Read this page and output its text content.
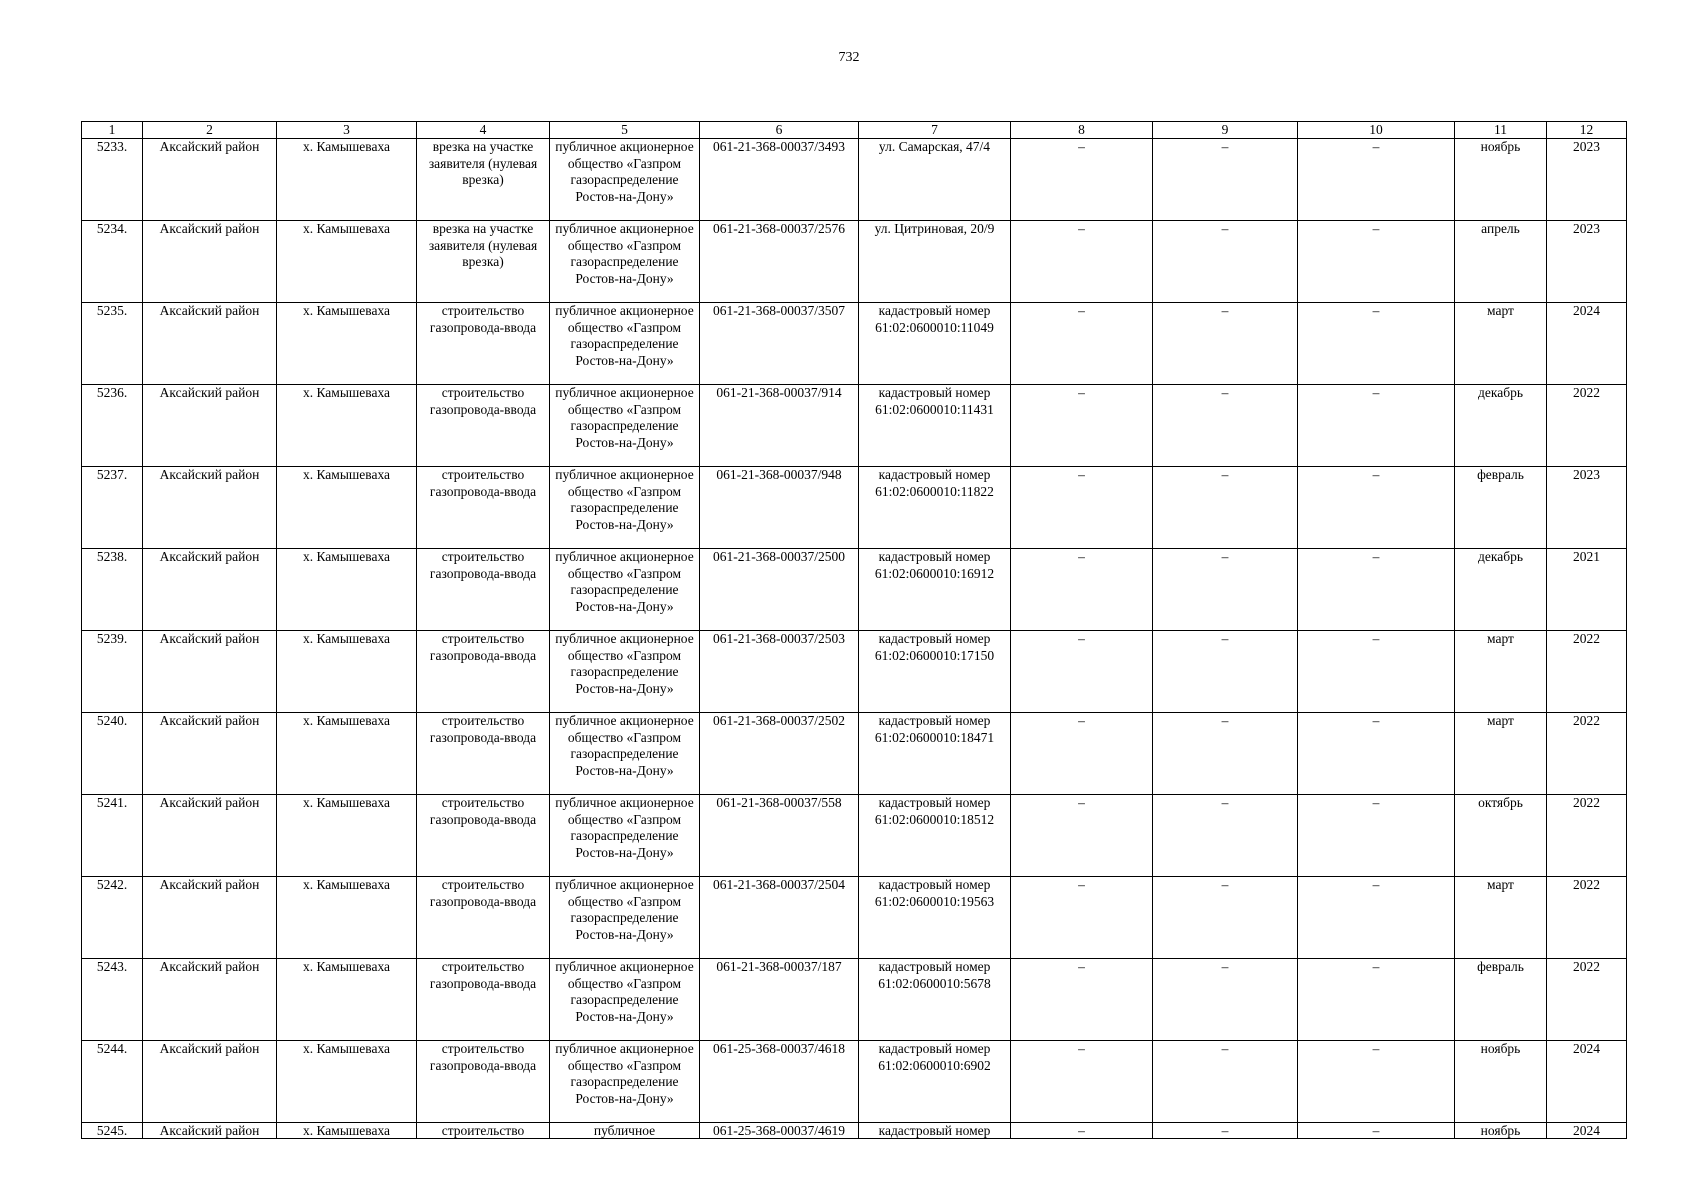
732
1	2	3	4	5	6	7	8	9	10	11	12
5233.	Аксайский район	х. Камышеваха	врезка на участке заявителя (нулевая врезка)	публичное акционерное общество «Газпром газораспределение Ростов-на-Дону»	061-21-368-00037/3493	ул. Самарская, 47/4	–	–	–	ноябрь	2023
5234.	Аксайский район	х. Камышеваха	врезка на участке заявителя (нулевая врезка)	публичное акционерное общество «Газпром газораспределение Ростов-на-Дону»	061-21-368-00037/2576	ул. Цитриновая, 20/9	–	–	–	апрель	2023
5235.	Аксайский район	х. Камышеваха	строительство газопровода-ввода	публичное акционерное общество «Газпром газораспределение Ростов-на-Дону»	061-21-368-00037/3507	кадастровый номер 61:02:0600010:11049	–	–	–	март	2024
5236.	Аксайский район	х. Камышеваха	строительство газопровода-ввода	публичное акционерное общество «Газпром газораспределение Ростов-на-Дону»	061-21-368-00037/914	кадастровый номер 61:02:0600010:11431	–	–	–	декабрь	2022
5237.	Аксайский район	х. Камышеваха	строительство газопровода-ввода	публичное акционерное общество «Газпром газораспределение Ростов-на-Дону»	061-21-368-00037/948	кадастровый номер 61:02:0600010:11822	–	–	–	февраль	2023
5238.	Аксайский район	х. Камышеваха	строительство газопровода-ввода	публичное акционерное общество «Газпром газораспределение Ростов-на-Дону»	061-21-368-00037/2500	кадастровый номер 61:02:0600010:16912	–	–	–	декабрь	2021
5239.	Аксайский район	х. Камышеваха	строительство газопровода-ввода	публичное акционерное общество «Газпром газораспределение Ростов-на-Дону»	061-21-368-00037/2503	кадастровый номер 61:02:0600010:17150	–	–	–	март	2022
5240.	Аксайский район	х. Камышеваха	строительство газопровода-ввода	публичное акционерное общество «Газпром газораспределение Ростов-на-Дону»	061-21-368-00037/2502	кадастровый номер 61:02:0600010:18471	–	–	–	март	2022
5241.	Аксайский район	х. Камышеваха	строительство газопровода-ввода	публичное акционерное общество «Газпром газораспределение Ростов-на-Дону»	061-21-368-00037/558	кадастровый номер 61:02:0600010:18512	–	–	–	октябрь	2022
5242.	Аксайский район	х. Камышеваха	строительство газопровода-ввода	публичное акционерное общество «Газпром газораспределение Ростов-на-Дону»	061-21-368-00037/2504	кадастровый номер 61:02:0600010:19563	–	–	–	март	2022
5243.	Аксайский район	х. Камышеваха	строительство газопровода-ввода	публичное акционерное общество «Газпром газораспределение Ростов-на-Дону»	061-21-368-00037/187	кадастровый номер 61:02:0600010:5678	–	–	–	февраль	2022
5244.	Аксайский район	х. Камышеваха	строительство газопровода-ввода	публичное акционерное общество «Газпром газораспределение Ростов-на-Дону»	061-25-368-00037/4618	кадастровый номер 61:02:0600010:6902	–	–	–	ноябрь	2024
5245.	Аксайский район	х. Камышеваха	строительство	публичное	061-25-368-00037/4619	кадастровый номер	–	–	–	ноябрь	2024
